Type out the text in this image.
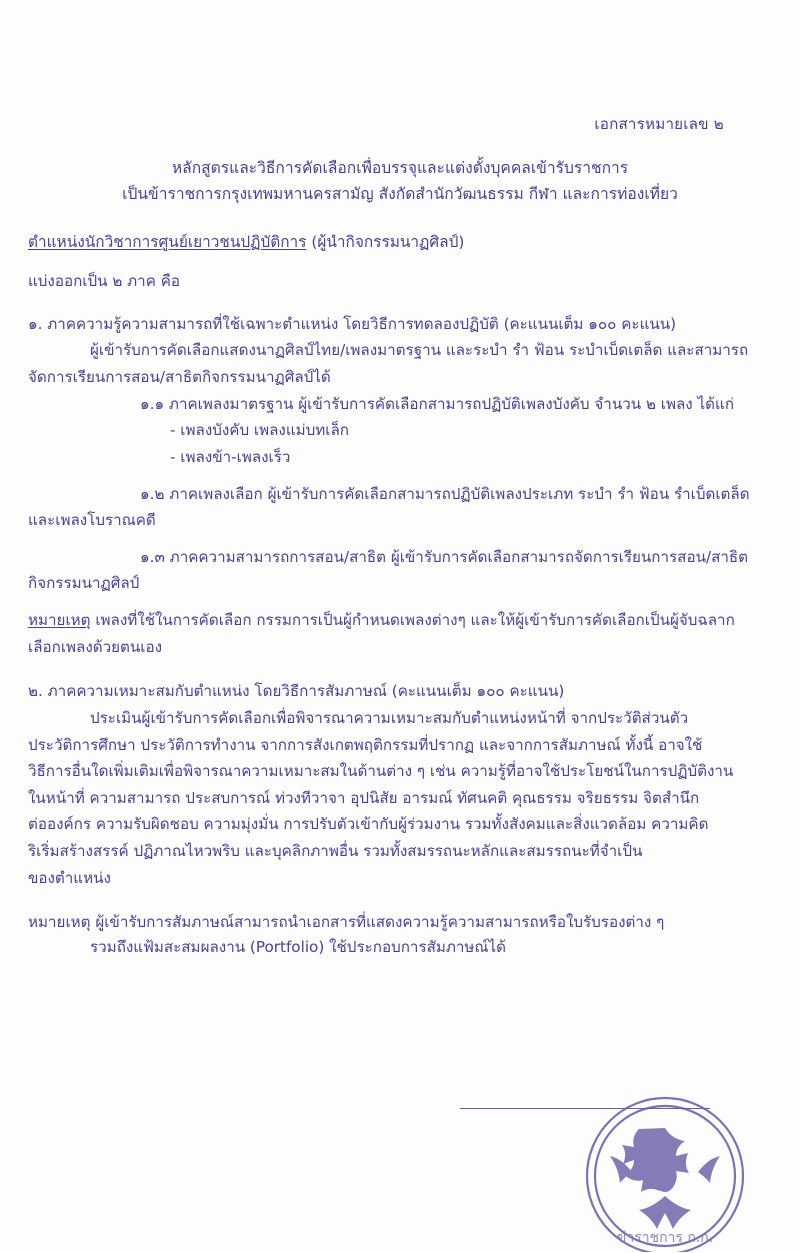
เอกสารหมายเลข ๒
หลักสูตรและวิธีการคัดเลือกเพื่อบรรจุและแต่งตั้งบุคคลเข้ารับราชการ
เป็นข้าราชการกรุงเทพมหานครสามัญ สังกัดสำนักวัฒนธรรม กีฬา และการท่องเที่ยว
ตำแหน่งนักวิชาการศูนย์เยาวชนปฏิบัติการ (ผู้นำกิจกรรมนาฏศิลป์)
แบ่งออกเป็น ๒ ภาค คือ
๑. ภาคความรู้ความสามารถที่ใช้เฉพาะตำแหน่ง โดยวิธีการทดลองปฏิบัติ (คะแนนเต็ม ๑๐๐ คะแนน)
ผู้เข้ารับการคัดเลือกแสดงนาฏศิลป์ไทย/เพลงมาตรฐาน และระบำ รำ ฟ้อน ระบำเบ็ดเตล็ด และสามารถ
จัดการเรียนการสอน/สาธิตกิจกรรมนาฏศิลป์ได้
๑.๑ ภาคเพลงมาตรฐาน ผู้เข้ารับการคัดเลือกสามารถปฏิบัติเพลงบังคับ จำนวน ๒ เพลง ได้แก่
- เพลงบังคับ เพลงแม่บทเล็ก
- เพลงข้า-เพลงเร็ว
๑.๒ ภาคเพลงเลือก ผู้เข้ารับการคัดเลือกสามารถปฏิบัติเพลงประเภท ระบำ รำ ฟ้อน รำเบ็ดเตล็ด
และเพลงโบราณคดี
๑.๓ ภาคความสามารถการสอน/สาธิต ผู้เข้ารับการคัดเลือกสามารถจัดการเรียนการสอน/สาธิต
กิจกรรมนาฏศิลป์
หมายเหตุ เพลงที่ใช้ในการคัดเลือก กรรมการเป็นผู้กำหนดเพลงต่างๆ และให้ผู้เข้ารับการคัดเลือกเป็นผู้จับฉลาก
เลือกเพลงด้วยตนเอง
๒. ภาคความเหมาะสมกับตำแหน่ง โดยวิธีการสัมภาษณ์ (คะแนนเต็ม ๑๐๐ คะแนน)
ประเมินผู้เข้ารับการคัดเลือกเพื่อพิจารณาความเหมาะสมกับตำแหน่งหน้าที่ จากประวัติส่วนตัว
ประวัติการศึกษา ประวัติการทำงาน จากการสังเกตพฤติกรรมที่ปรากฏ และจากการสัมภาษณ์ ทั้งนี้ อาจใช้
วิธีการอื่นใดเพิ่มเติมเพื่อพิจารณาความเหมาะสมในด้านต่าง ๆ เช่น ความรู้ที่อาจใช้ประโยชน์ในการปฏิบัติงาน
ในหน้าที่ ความสามารถ ประสบการณ์ ท่วงทีวาจา อุปนิสัย อารมณ์ ทัศนคติ คุณธรรม จริยธรรม จิตสำนึก
ต่อองค์กร ความรับผิดชอบ ความมุ่งมั่น การปรับตัวเข้ากับผู้ร่วมงาน รวมทั้งสังคมและสิ่งแวดล้อม ความคิด
ริเริ่มสร้างสรรค์ ปฏิภาณไหวพริบ และบุคลิกภาพอื่น รวมทั้งสมรรถนะหลักและสมรรถนะที่จำเป็น
ของตำแหน่ง
หมายเหตุ ผู้เข้ารับการสัมภาษณ์สามารถนำเอกสารที่แสดงความรู้ความสามารถหรือใบรับรองต่าง ๆ
รวมถึงแฟ้มสะสมผลงาน (Portfolio) ใช้ประกอบการสัมภาษณ์ได้
ข้าราชการ ก.ก.
